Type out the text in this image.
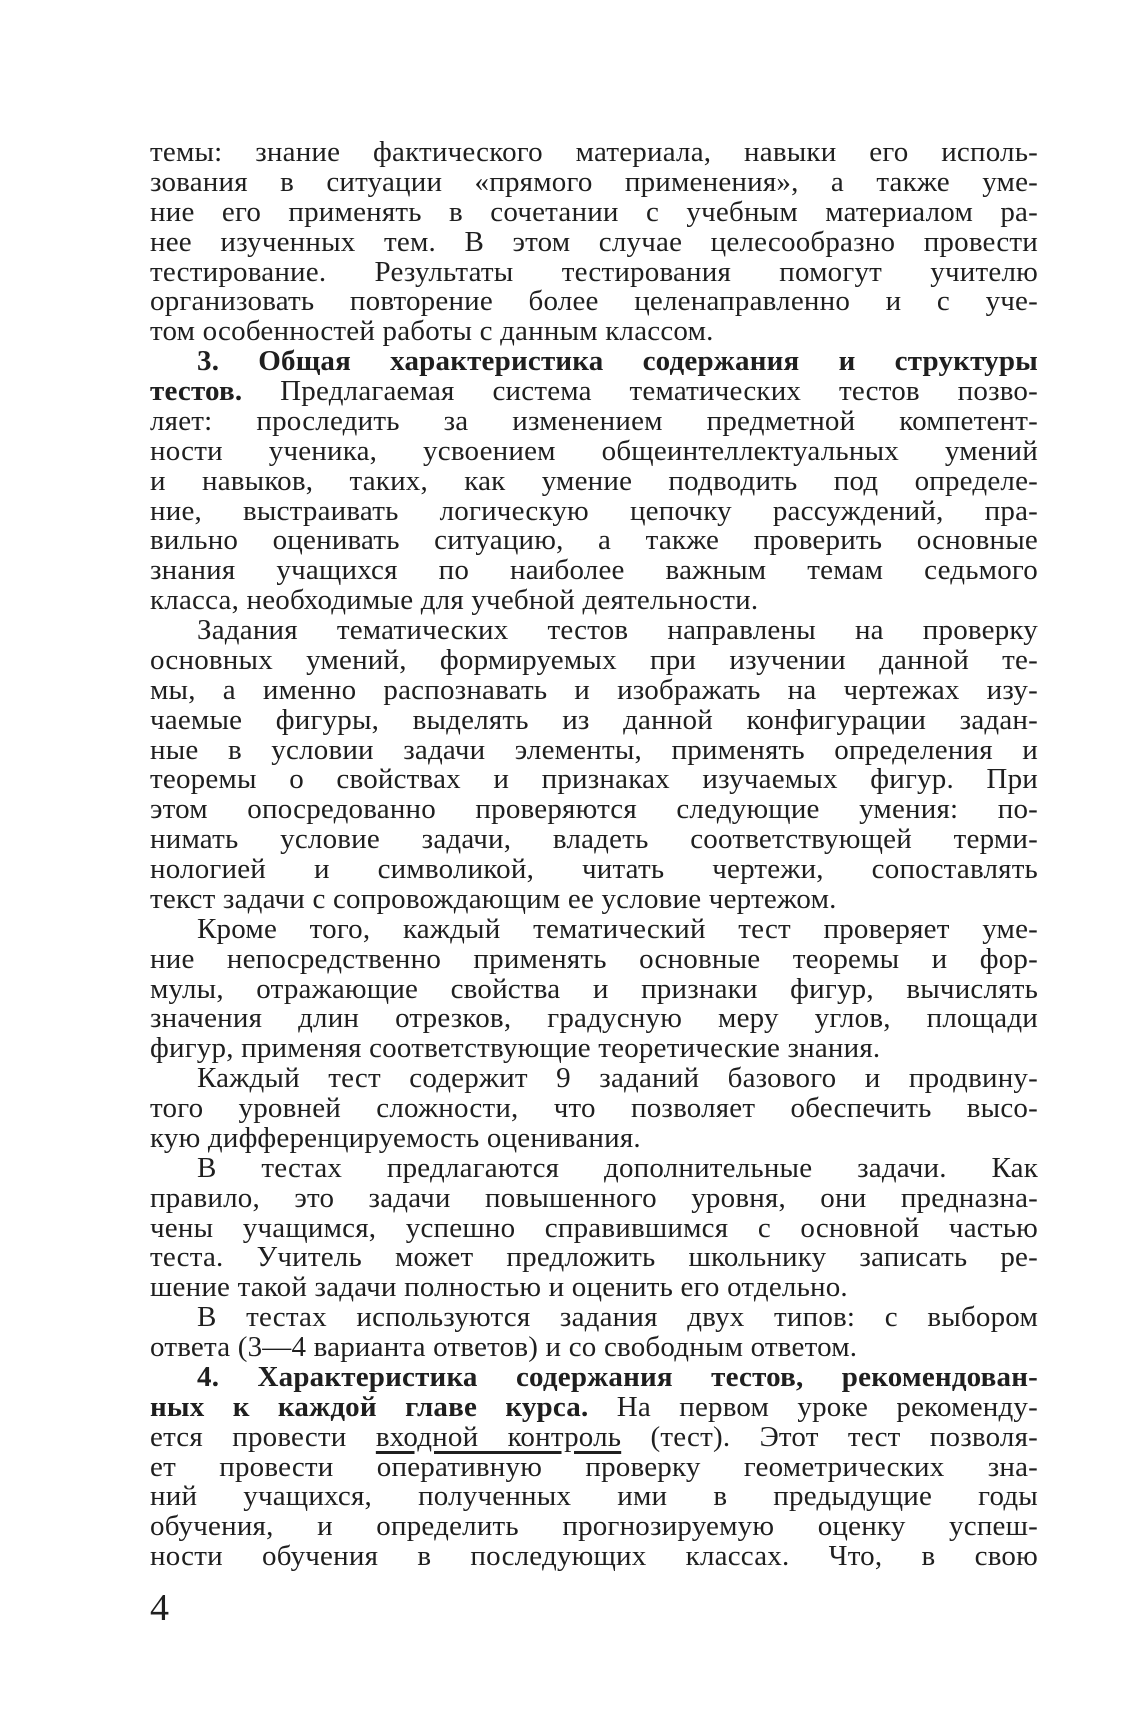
темы: знание фактического материала, навыки его исполь-
зования в ситуации «прямого применения», а также уме-
ние его применять в сочетании с учебным материалом ра-
нее изученных тем. В этом случае целесообразно провести
тестирование. Результаты тестирования помогут учителю
организовать повторение более целенаправленно и с уче-
том особенностей работы с данным классом.
3. Общая характеристика содержания и структуры
тестов. Предлагаемая система тематических тестов позво-
ляет: проследить за изменением предметной компетент-
ности ученика, усвоением общеинтеллектуальных умений
и навыков, таких, как умение подводить под определе-
ние, выстраивать логическую цепочку рассуждений, пра-
вильно оценивать ситуацию, а также проверить основные
знания учащихся по наиболее важным темам седьмого
класса, необходимые для учебной деятельности.
Задания тематических тестов направлены на проверку
основных умений, формируемых при изучении данной те-
мы, а именно распознавать и изображать на чертежах изу-
чаемые фигуры, выделять из данной конфигурации задан-
ные в условии задачи элементы, применять определения и
теоремы о свойствах и признаках изучаемых фигур. При
этом опосредованно проверяются следующие умения: по-
нимать условие задачи, владеть соответствующей терми-
нологией и символикой, читать чертежи, сопоставлять
текст задачи с сопровождающим ее условие чертежом.
Кроме того, каждый тематический тест проверяет уме-
ние непосредственно применять основные теоремы и фор-
мулы, отражающие свойства и признаки фигур, вычислять
значения длин отрезков, градусную меру углов, площади
фигур, применяя соответствующие теоретические знания.
Каждый тест содержит 9 заданий базового и продвину-
того уровней сложности, что позволяет обеспечить высо-
кую дифференцируемость оценивания.
В тестах предлагаются дополнительные задачи. Как
правило, это задачи повышенного уровня, они предназна-
чены учащимся, успешно справившимся с основной частью
теста. Учитель может предложить школьнику записать ре-
шение такой задачи полностью и оценить его отдельно.
В тестах используются задания двух типов: с выбором
ответа (3—4 варианта ответов) и со свободным ответом.
4. Характеристика содержания тестов, рекомендован-
ных к каждой главе курса. На первом уроке рекоменду-
ется провести входной контроль (тест). Этот тест позволя-
ет провести оперативную проверку геометрических зна-
ний учащихся, полученных ими в предыдущие годы
обучения, и определить прогнозируемую оценку успеш-
ности обучения в последующих классах. Что, в свою
4
